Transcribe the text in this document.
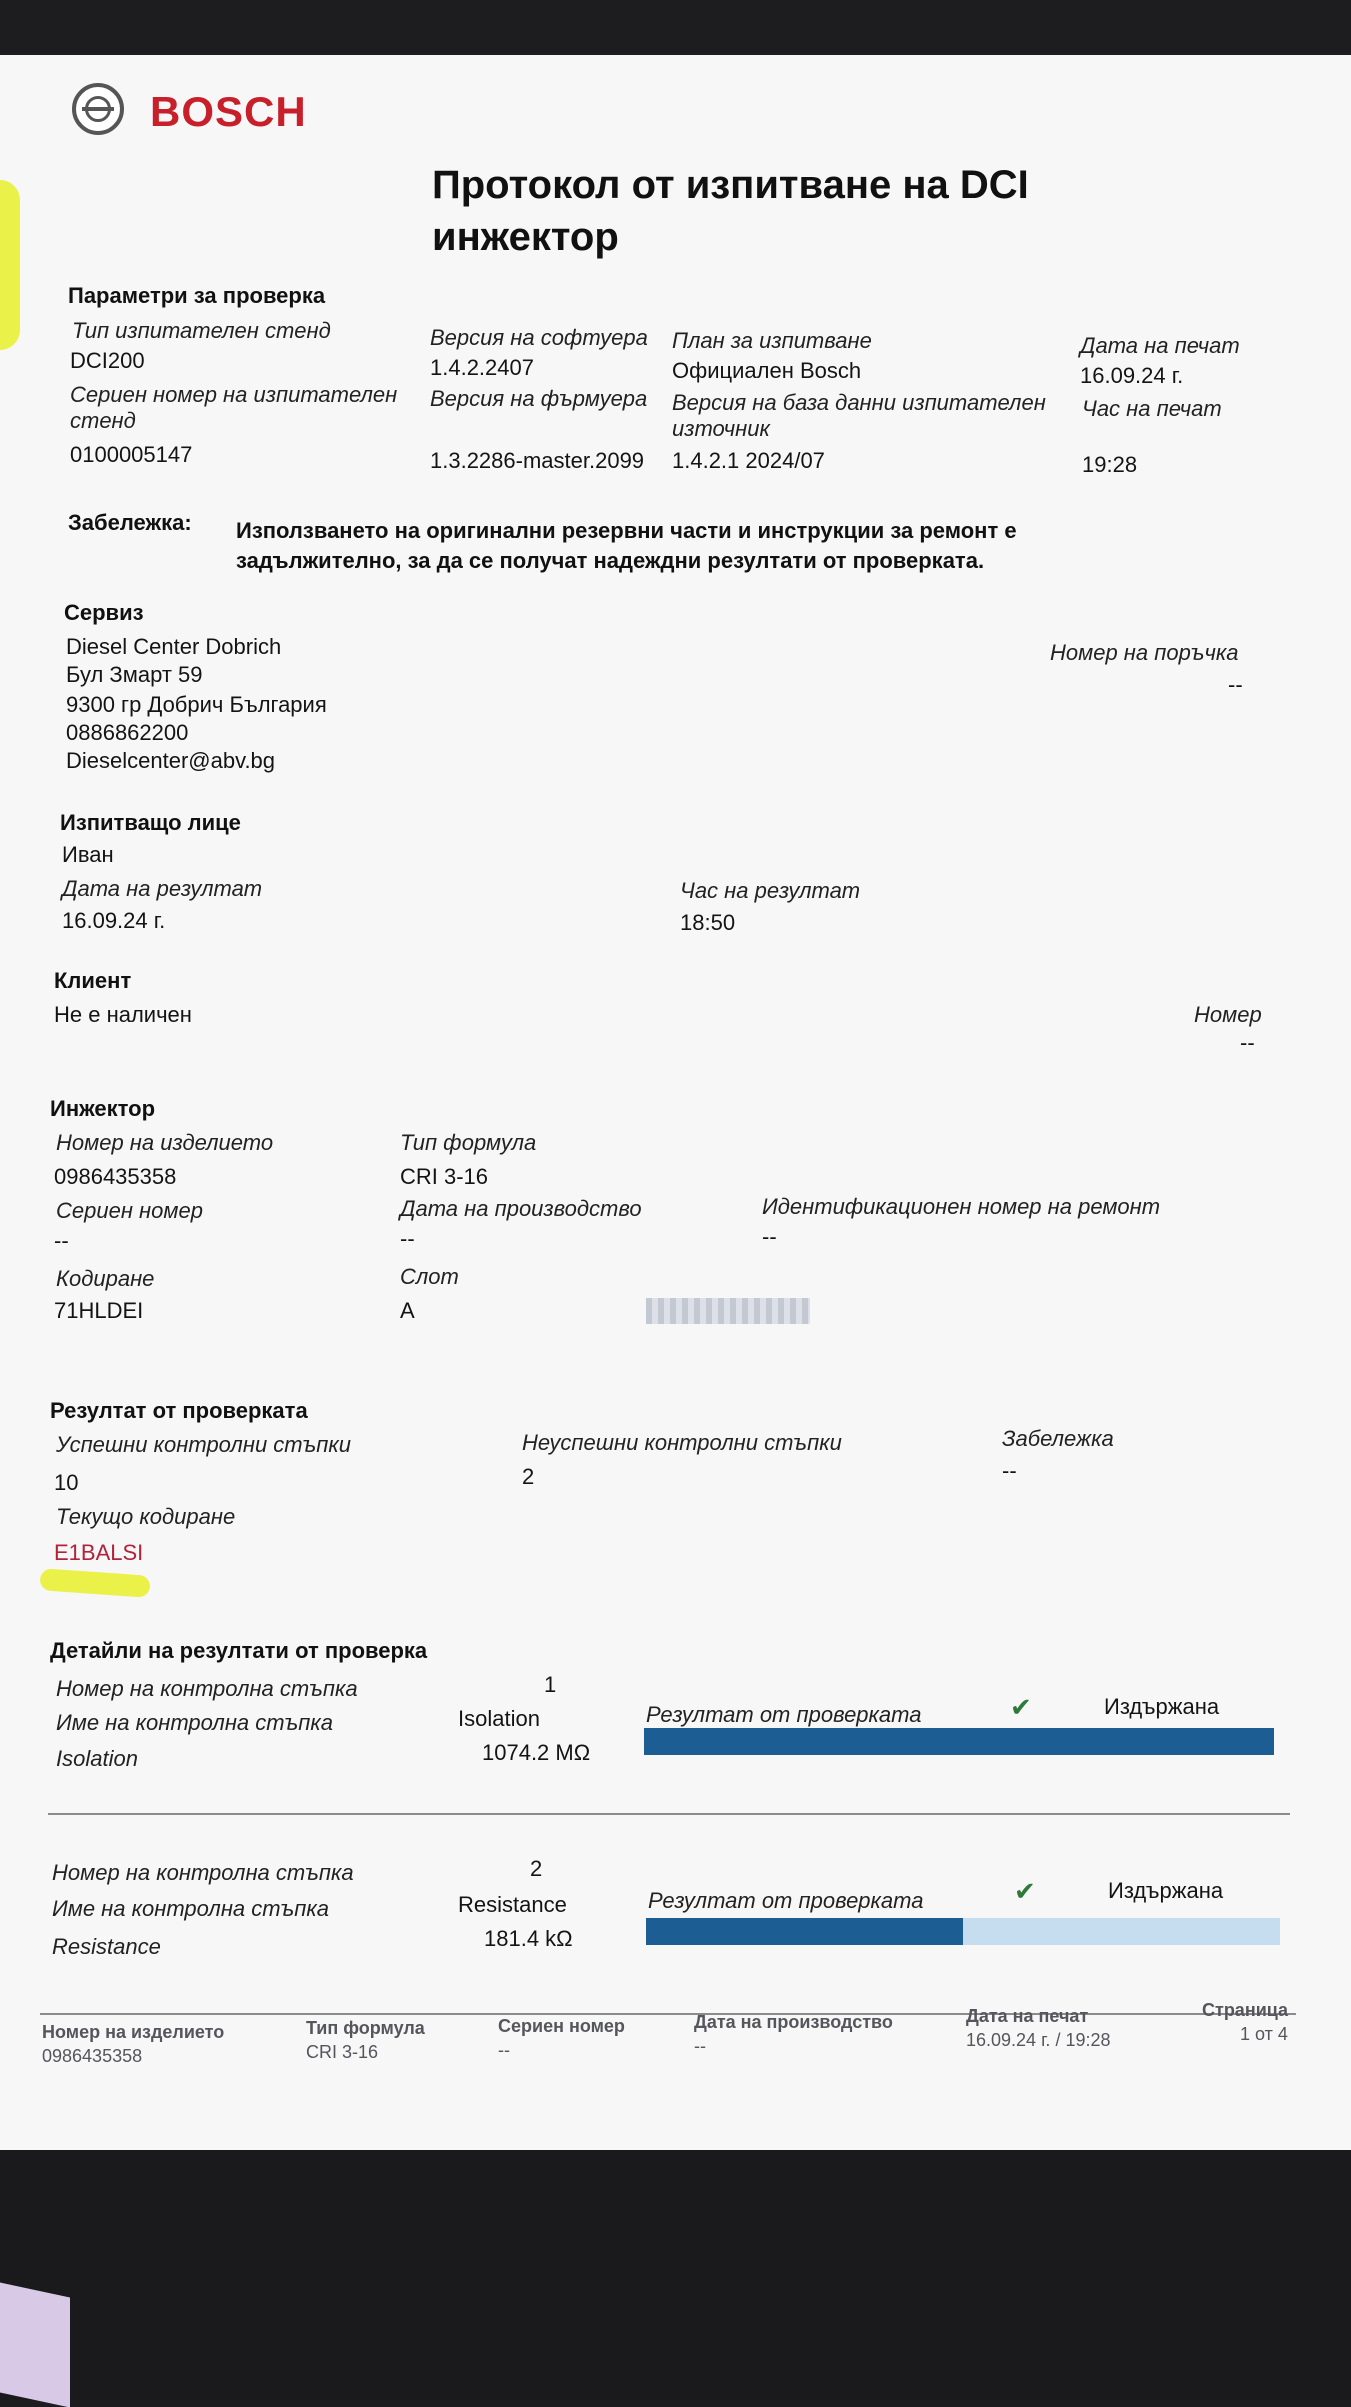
BOSCH
Протокол от изпитване на DCI
инжектор
Параметри за проверка
Тип изпитателен стенд
DCI200
Версия на софтуера
1.4.2.2407
План за изпитване
Официален Bosch
Дата на печат
16.09.24 г.
Сериен номер на изпитателен
стенд
0100005147
Версия на фърмуера
1.3.2286-master.2099
Версия на база данни изпитателен
източник
1.4.2.1 2024/07
Час на печат
19:28
Забележка: Използването на оригинални резервни части и инструкции за ремонт е
задължително, за да се получат надеждни резултати от проверката.
Сервиз
Diesel Center Dobrich
Бул Змарт 59
9300 гр Добрич България
0886862200
Dieselcenter@abv.bg
Номер на поръчка
--
Изпитващо лице
Иван
Дата на резултат
16.09.24 г.
Час на резултат
18:50
Клиент
Не е наличен	Номер
--
Инжектор
Номер на изделието
0986435358
Тип формула
CRI 3-16
Сериен номер
--
Дата на производство
--
Идентификационен номер на ремонт
--
Кодиране
71HLDEI
Слот
A
Резултат от проверката
Успешни контролни стъпки
10
Неуспешни контролни стъпки
2
Забележка
--
Текущо кодиране
E1BALSI
Детайли на резултати от проверка
Номер на контролна стъпка	1
Име на контролна стъпка	Isolation
Isolation	1074.2 MΩ
Резултат от проверката	✔	Издържана
Номер на контролна стъпка	2
Име на контролна стъпка	Resistance
Resistance	181.4 kΩ
Резултат от проверката	✔	Издържана
Номер на изделието
0986435358
Тип формула
CRI 3-16
Сериен номер
--
Дата на производство
--
Дата на печат
16.09.24 г. / 19:28
Страница
1 от 4
